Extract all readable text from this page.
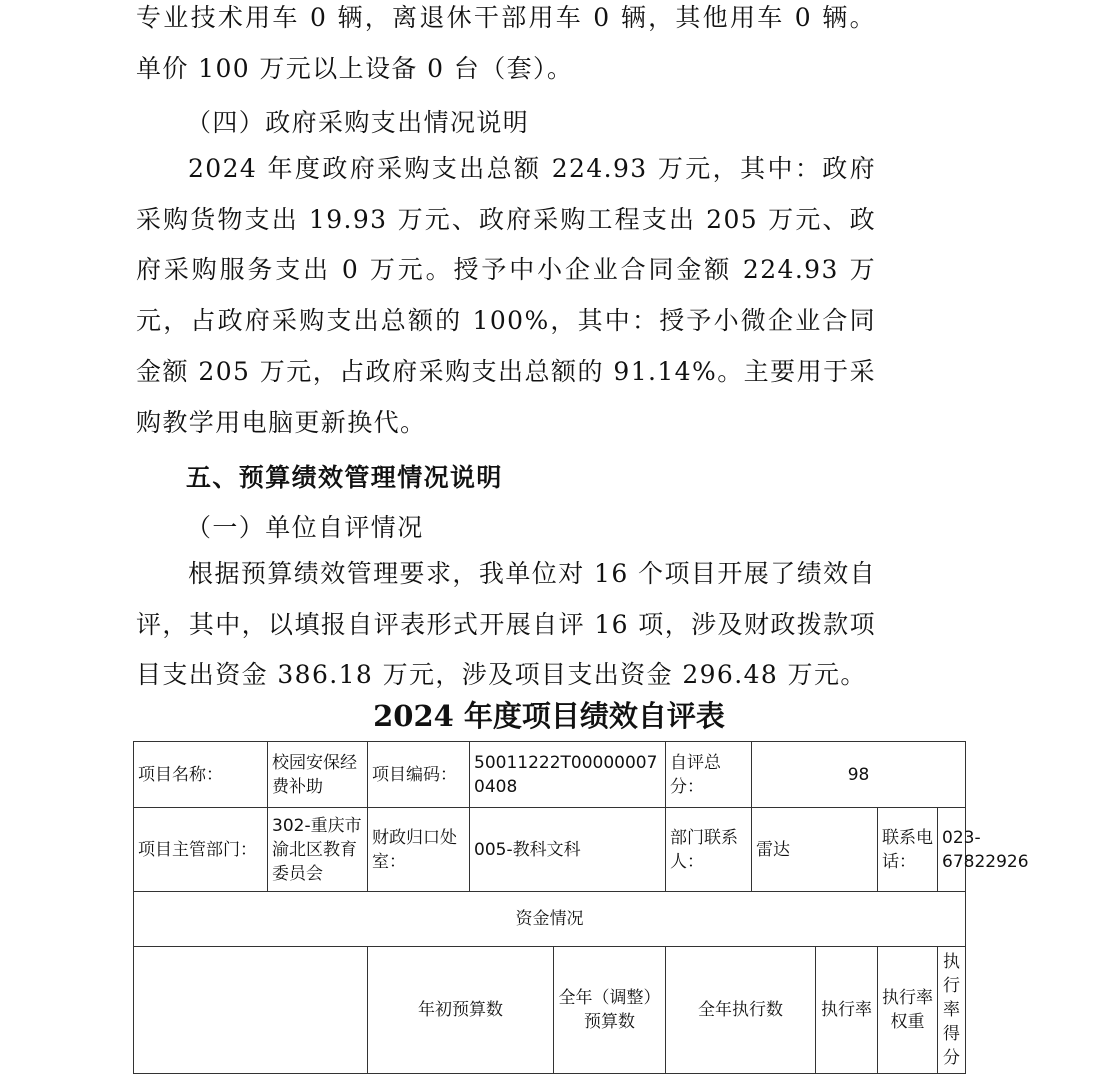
专业技术用车 0 辆，离退休干部用车 0 辆，其他用车 0 辆。单价 100 万元以上设备 0 台（套）。
（四）政府采购支出情况说明
2024 年度政府采购支出总额 224.93 万元，其中：政府采购货物支出 19.93 万元、政府采购工程支出 205 万元、政府采购服务支出 0 万元。授予中小企业合同金额 224.93 万元，占政府采购支出总额的 100%，其中：授予小微企业合同金额 205 万元，占政府采购支出总额的 91.14%。主要用于采购教学用电脑更新换代。
五、预算绩效管理情况说明
（一）单位自评情况
根据预算绩效管理要求，我单位对 16 个项目开展了绩效自评，其中，以填报自评表形式开展自评 16 项，涉及财政拨款项目支出资金 386.18 万元，涉及项目支出资金 296.48 万元。
2024 年度项目绩效自评表
项目名称：	校园安保经费补助	项目编码：	50011222T000000070408		自评总分：	98			
项目主管部门：	302-重庆市渝北区教育委员会	财政归口处室：	005-教科文科		部门联系人：	雷达		联系电话：	023-67822926
资金情况									
		年初预算数		全年（调整）预算数	全年执行数		执行率	执行率权重	执行率得分
